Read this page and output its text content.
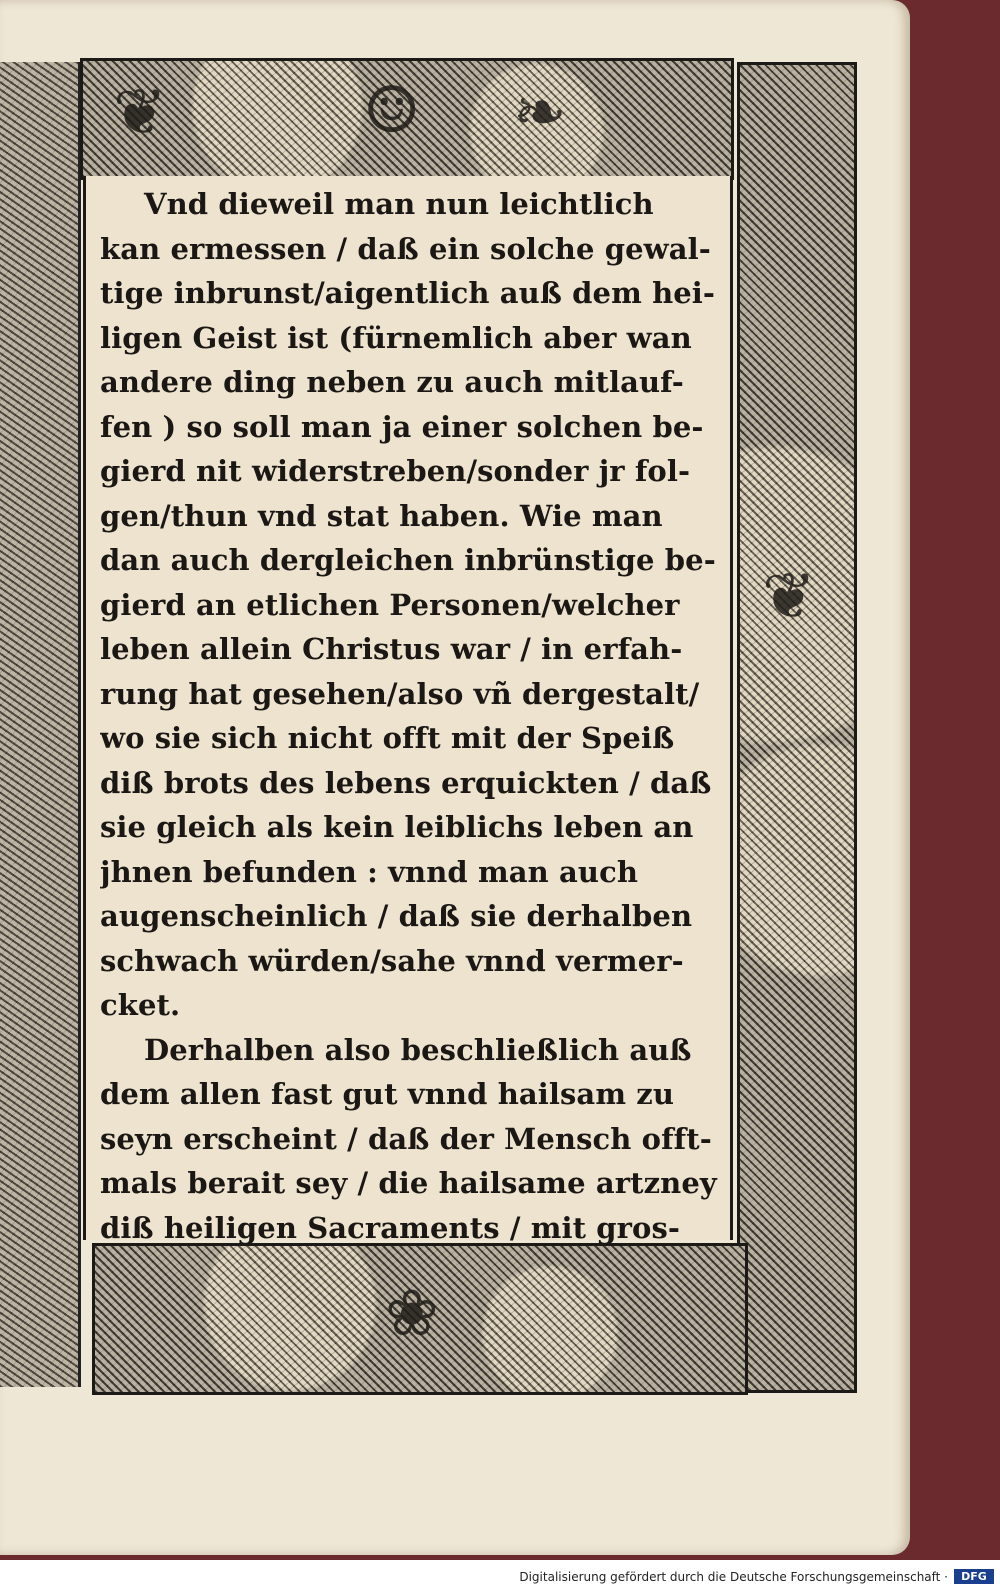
❦	☺ ❧
❦
❀
Vnd dieweil man nun leichtlich
kan ermessen / daß ein solche gewal-
tige inbrunst/aigentlich auß dem hei-
ligen Geist ist (fürnemlich aber wan
andere ding neben zu auch mitlauf-
fen ) so soll man ja einer solchen be-
gierd nit widerstreben/sonder jr fol-
gen/thun vnd stat haben. Wie man
dan auch dergleichen inbrünstige be-
gierd an etlichen Personen/welcher
leben allein Christus war / in erfah-
rung hat gesehen/also vñ dergestalt/
wo sie sich nicht offt mit der Speiß
diß brots des lebens erquickten / daß
sie gleich als kein leiblichs leben an
jhnen befunden : vnnd man auch
augenscheinlich / daß sie derhalben
schwach würden/sahe vnnd vermer-
cket.
Derhalben also beschließlich auß
dem allen fast gut vnnd hailsam zu
seyn erscheint / daß der Mensch offt-
mals berait sey / die hailsame artzney
diß heiligen Sacraments / mit gros-
Digitalisierung gefördert durch die Deutsche Forschungsgemeinschaft ·	DFG
